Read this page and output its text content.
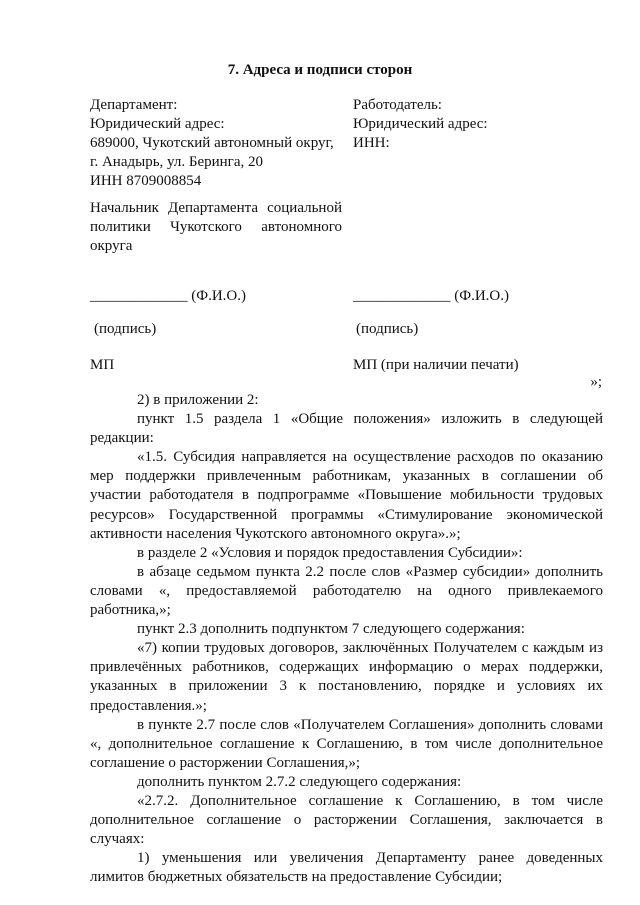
7. Адреса и подписи сторон
Департамент:
Юридический адрес:
689000, Чукотский автономный округ,
г. Анадырь, ул. Беринга, 20
ИНН 8709008854
Начальник Департамента социальной
политики Чукотского автономного
округа
_____________ (Ф.И.О.)
(подпись)
МП
Работодатель:
Юридический адрес:
ИНН:
_____________ (Ф.И.О.)
(подпись)
МП (при наличии печати)
»;

2) в приложении 2:

пункт 1.5 раздела 1 «Общие положения» изложить в следующей редакции:

«1.5. Субсидия направляется на осуществление расходов по оказанию мер поддержки привлеченным работникам, указанных в соглашении об участии работодателя в подпрограмме «Повышение мобильности трудовых ресурсов» Государственной программы «Стимулирование экономической активности населения Чукотского автономного округа».»;

в разделе 2 «Условия и порядок предоставления Субсидии»:

в абзаце седьмом пункта 2.2 после слов «Размер субсидии» дополнить словами «, предоставляемой работодателю на одного привлекаемого работника,»;

пункт 2.3 дополнить подпунктом 7 следующего содержания:

«7) копии трудовых договоров, заключённых Получателем с каждым из привлечённых работников, содержащих информацию о мерах поддержки, указанных в приложении 3 к постановлению, порядке и условиях их предоставления.»;

в пункте 2.7 после слов «Получателем Соглашения» дополнить словами «, дополнительное соглашение к Соглашению, в том числе дополнительное соглашение о расторжении Соглашения,»;

дополнить пунктом 2.7.2 следующего содержания:

«2.7.2. Дополнительное соглашение к Соглашению, в том числе дополнительное соглашение о расторжении Соглашения, заключается в случаях:

1) уменьшения или увеличения Департаменту ранее доведенных лимитов бюджетных обязательств на предоставление Субсидии;
